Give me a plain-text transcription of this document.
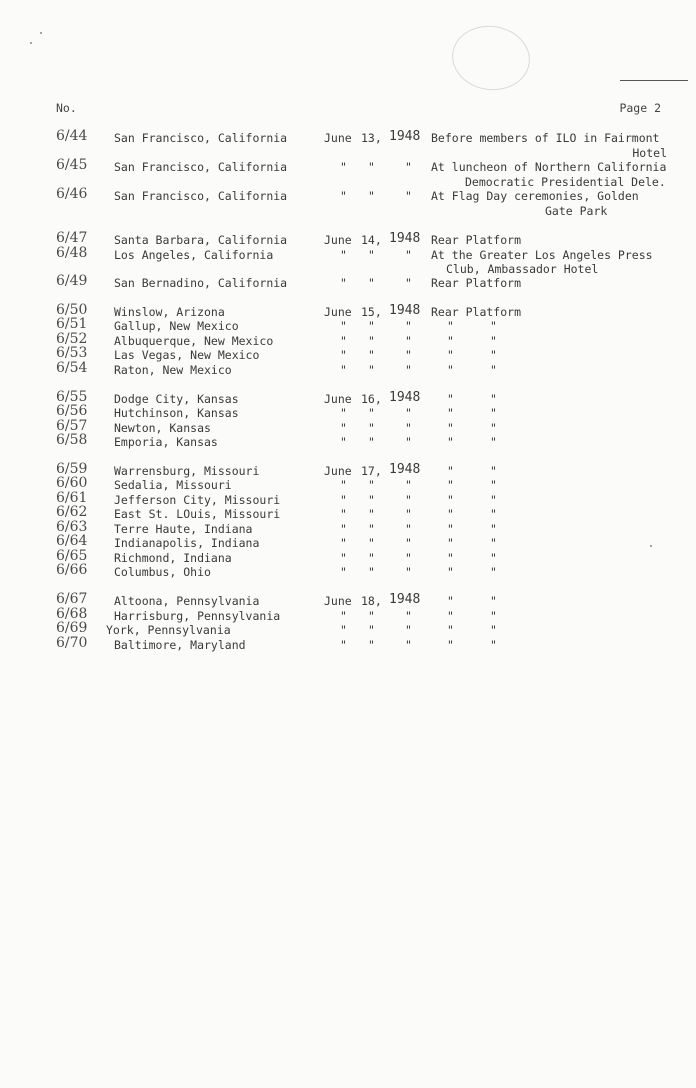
No.	Page 2
6/44 San Francisco, California	June 13, 1948 Before members of ILO in Fairmont
Hotel
6/45 San Francisco, California	" "	" At luncheon of Northern California
Democratic Presidential Dele.
6/46 San Francisco, California	" "	" At Flag Day ceremonies, Golden
Gate Park
6/47 Santa Barbara, California	June 14, 1948 Rear Platform
6/48 Los Angeles, California	" "	" At the Greater Los Angeles Press
Club, Ambassador Hotel
6/49 San Bernadino, California	" "	" Rear Platform
6/50 Winslow, Arizona	June 15, 1948 Rear Platform
6/51 Gallup, New Mexico	" "	"	"	"
6/52 Albuquerque, New Mexico	" "	"	"	"
6/53 Las Vegas, New Mexico	" "	"	"	"
6/54 Raton, New Mexico	" "	"	"	"
6/55 Dodge City, Kansas	June 16, 1948 "	"
6/56 Hutchinson, Kansas	" "	"	"	"
6/57 Newton, Kansas	" "	"	"	"
6/58 Emporia, Kansas	" "	"	"	"
6/59 Warrensburg, Missouri	June 17, 1948 "	"
6/60 Sedalia, Missouri	" "	"	"	"
6/61 Jefferson City, Missouri	" "	"	"	"
6/62 East St. LOuis, Missouri	" "	"	"	"
6/63 Terre Haute, Indiana	" "	"	"	"
6/64 Indianapolis, Indiana	" "	"	"	"
6/65 Richmond, Indiana	" "	"	"	"
6/66 Columbus, Ohio	" "	"	"	"
6/67 Altoona, Pennsylvania	June 18, 1948 "	"
6/68 Harrisburg, Pennsylvania	" "	"	"	"
6/69 York, Pennsylvania	" "	"	"	"
6/70 Baltimore, Maryland	" "	"	"	"
